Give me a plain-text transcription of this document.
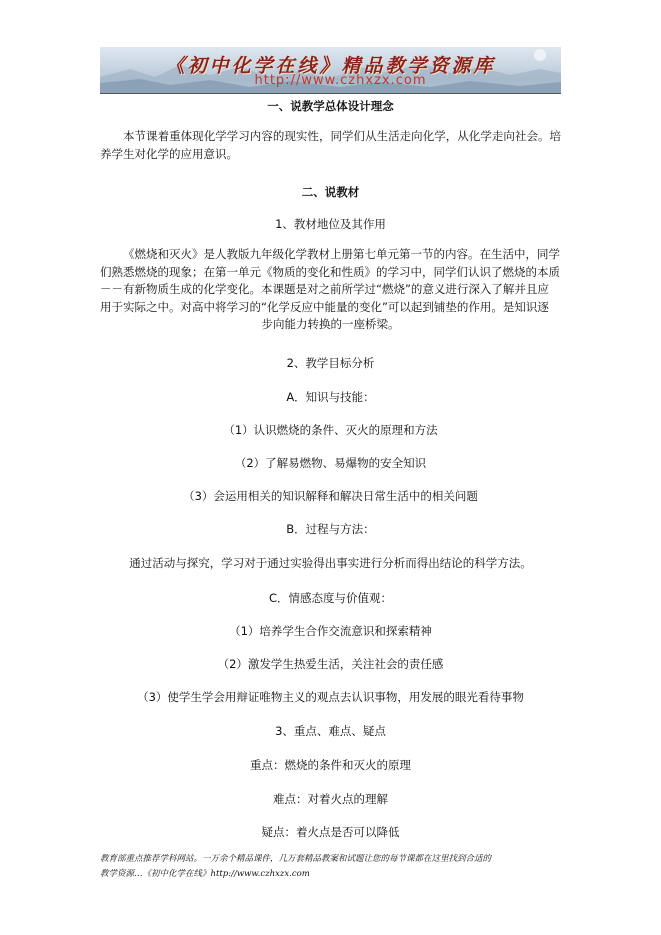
《初中化学在线》精品教学资源库
http://www.czhxzx.com
一、说教学总体设计理念
本节课着重体现化学学习内容的现实性，同学们从生活走向化学，从化学走向社会。培养学生对化学的应用意识。
二、说教材
1、教材地位及其作用
《燃烧和灭火》是人教版九年级化学教材上册第七单元第一节的内容。在生活中，同学
们熟悉燃烧的现象；在第一单元《物质的变化和性质》的学习中，同学们认识了燃烧的本质
－－有新物质生成的化学变化。本课题是对之前所学过“燃烧”的意义进行深入了解并且应
用于实际之中。对高中将学习的“化学反应中能量的变化”可以起到铺垫的作用。是知识逐
步向能力转换的一座桥梁。
2、教学目标分析
A．知识与技能：
（1）认识燃烧的条件、灭火的原理和方法
（2）了解易燃物、易爆物的安全知识
（3）会运用相关的知识解释和解决日常生活中的相关问题
B．过程与方法：
通过活动与探究，学习对于通过实验得出事实进行分析而得出结论的科学方法。
C．情感态度与价值观：
（1）培养学生合作交流意识和探索精神
（2）激发学生热爱生活，关注社会的责任感
（3）使学生学会用辩证唯物主义的观点去认识事物，用发展的眼光看待事物
3、重点、难点、疑点
重点：燃烧的条件和灭火的原理
难点：对着火点的理解
疑点：着火点是否可以降低
教育部重点推荐学科网站。一万余个精品课件，几万套精品教案和试题让您的每节课都在这里找到合适的
教学资源…《初中化学在线》http://www.czhxzx.com
